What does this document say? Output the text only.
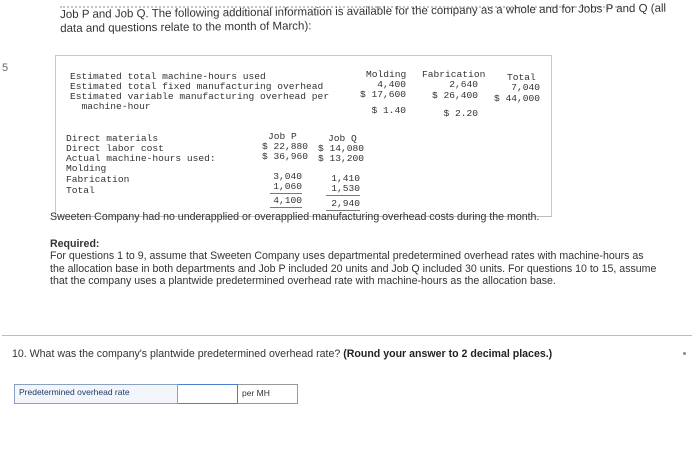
Job P and Job Q. The following additional information is available for the company as a whole and for Jobs P and Q (all data and questions relate to the month of March):
5
Molding Fabrication Total
Estimated total machine-hours used
4,400	2,640	7,040
Estimated total fixed manufacturing overhead
$ 17,600	$ 26,400	$ 44,000
Estimated variable manufacturing overhead per
machine-hour	$ 1.40	$ 2.20
Job P	Job Q
Direct materials
$ 22,880	$ 14,080
Direct labor cost
$ 36,960	$ 13,200
Actual machine-hours used:
Molding
3,040	1,410
Fabrication
1,060	1,530
Total
4,100	2,940
Sweeten Company had no underapplied or overapplied manufacturing overhead costs during the month.
Required:
For questions 1 to 9, assume that Sweeten Company uses departmental predetermined overhead rates with machine-hours as the allocation base in both departments and Job P included 20 units and Job Q included 30 units. For questions 10 to 15, assume that the company uses a plantwide predetermined overhead rate with machine-hours as the allocation base.
10. What was the company's plantwide predetermined overhead rate? (Round your answer to 2 decimal places.)
Predetermined overhead rate	per MH
